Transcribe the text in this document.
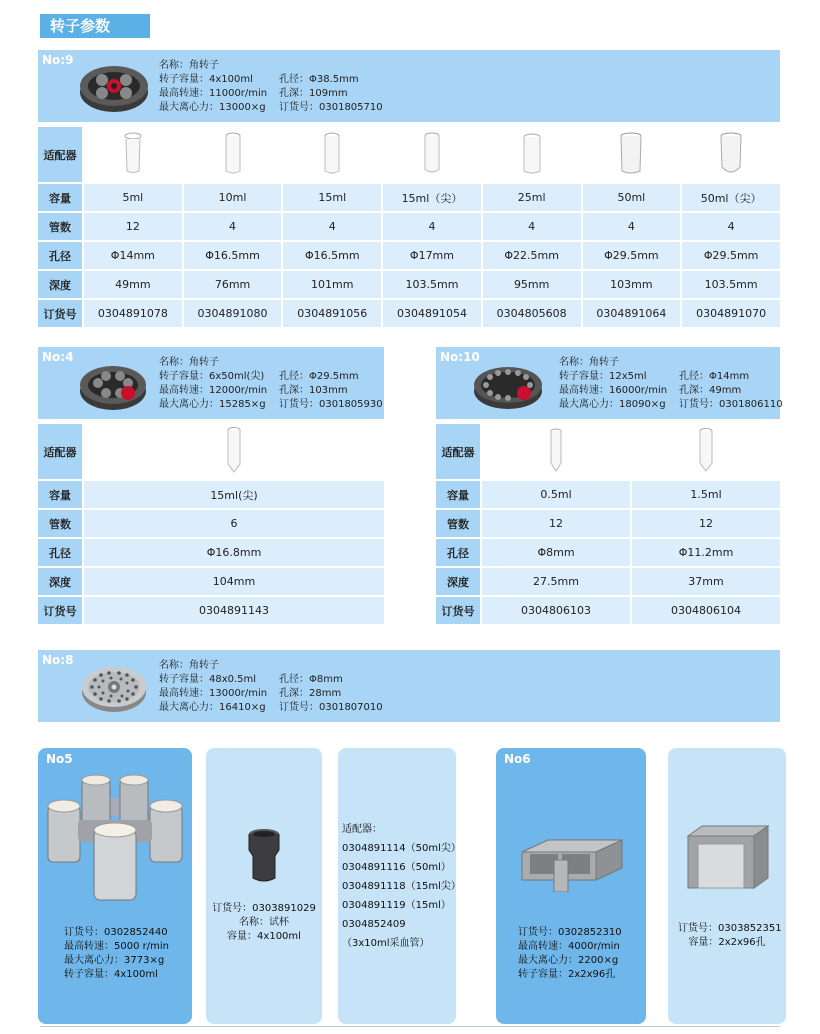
转子参数
No:9	名称：角转子
转子容量：4x100ml	孔径：Φ38.5mm
最高转速：11000r/min	孔深：109mm
最大离心力：13000×g	订货号：0301805710
适配器							
容量	5ml	10ml	15ml	15ml（尖）	25ml	50ml	50ml（尖）
管数	12	4	4	4	4	4	4
孔径	Φ14mm	Φ16.5mm	Φ16.5mm	Φ17mm	Φ22.5mm	Φ29.5mm	Φ29.5mm
深度	49mm	76mm	101mm	103.5mm	95mm	103mm	103.5mm
订货号	0304891078	0304891080	0304891056	0304891054	0304805608	0304891064	0304891070
No:4	名称：角转子
转子容量：6x50ml(尖)	孔径：Φ29.5mm
最高转速：12000r/min	孔深：103mm
最大离心力：15285×g	订货号：0301805930
适配器	
容量	15ml(尖)
管数	6
孔径	Φ16.8mm
深度	104mm
订货号	0304891143
No:10	名称：角转子
转子容量：12x5ml	孔径：Φ14mm
最高转速：16000r/min	孔深：49mm
最大离心力：18090×g	订货号：0301806110
适配器		
容量	0.5ml	1.5ml
管数	12	12
孔径	Φ8mm	Φ11.2mm
深度	27.5mm	37mm
订货号	0304806103	0304806104
No:8	名称：角转子
转子容量：48x0.5ml	孔径：Φ8mm
最高转速：13000r/min	孔深：28mm
最大离心力：16410×g	订货号：0301807010
No5
订货号：0302852440
最高转速：5000 r/min
最大离心力：3773×g
转子容量：4x100ml
订货号：0303891029
名称：试杯
容量：4x100ml
适配器：
0304891114（50ml尖）
0304891116（50ml）
0304891118（15ml尖）
0304891119（15ml）
0304852409
（3x10ml采血管）
No6
订货号：0302852310
最高转速：4000r/min
最大离心力：2200×g
转子容量：2x2x96孔
订货号：0303852351
容量：2x2x96孔
